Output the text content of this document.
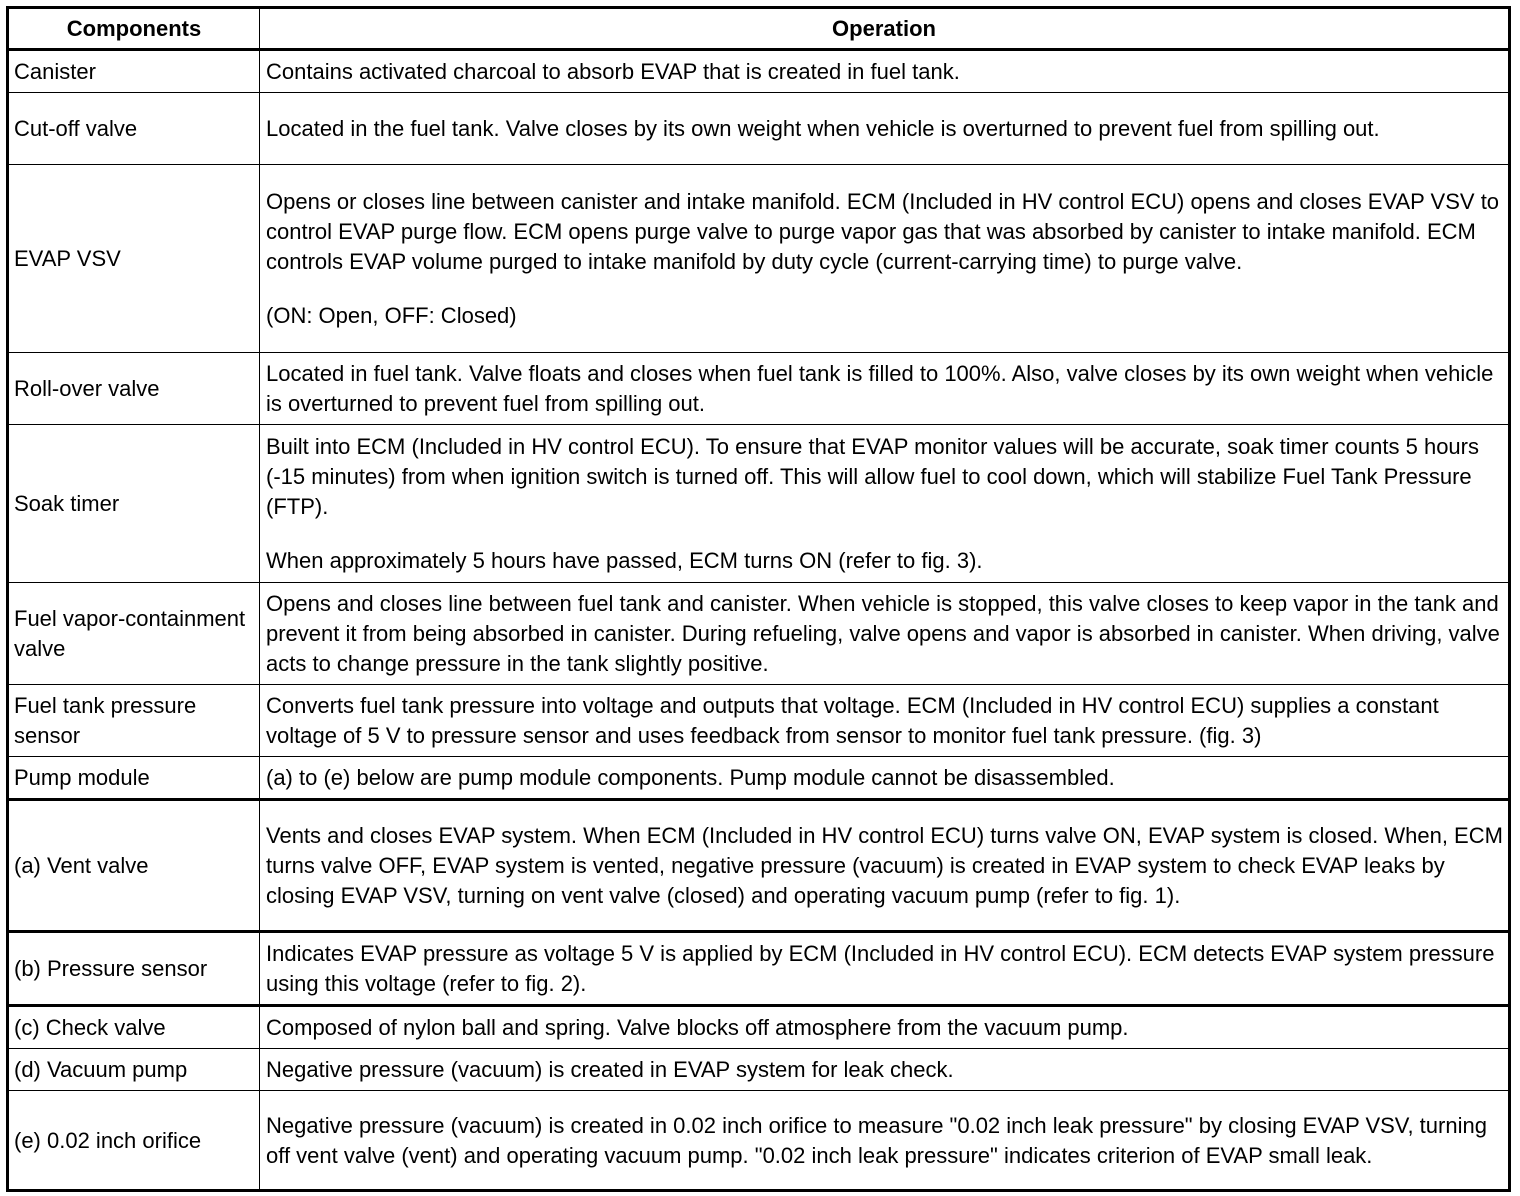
Components	Operation
Canister	Contains activated charcoal to absorb EVAP that is created in fuel tank.

Cut-off valve	Located in the fuel tank. Valve closes by its own weight when vehicle is overturned to prevent fuel from spilling out.

EVAP VSV	Opens or closes line between canister and intake manifold. ECM (Included in HV control ECU) opens and closes EVAP VSV to control EVAP purge flow. ECM opens purge valve to purge vapor gas that was absorbed by canister to intake manifold. ECM controls EVAP volume purged to intake manifold by duty cycle (current-carrying time) to purge valve.
(ON: Open, OFF: Closed)

Roll-over valve	Located in fuel tank. Valve floats and closes when fuel tank is filled to 100%. Also, valve closes by its own weight when vehicle is overturned to prevent fuel from spilling out.

Soak timer	Built into ECM (Included in HV control ECU). To ensure that EVAP monitor values will be accurate, soak timer counts 5 hours (-15 minutes) from when ignition switch is turned off. This will allow fuel to cool down, which will stabilize Fuel Tank Pressure (FTP).
When approximately 5 hours have passed, ECM turns ON (refer to fig. 3).

Fuel vapor-containment valve	Opens and closes line between fuel tank and canister. When vehicle is stopped, this valve closes to keep vapor in the tank and prevent it from being absorbed in canister. During refueling, valve opens and vapor is absorbed in canister. When driving, valve acts to change pressure in the tank slightly positive.

Fuel tank pressure sensor	Converts fuel tank pressure into voltage and outputs that voltage. ECM (Included in HV control ECU) supplies a constant voltage of 5 V to pressure sensor and uses feedback from sensor to monitor fuel tank pressure. (fig. 3)

Pump module	(a) to (e) below are pump module components. Pump module cannot be disassembled.

(a) Vent valve	Vents and closes EVAP system. When ECM (Included in HV control ECU) turns valve ON, EVAP system is closed. When, ECM turns valve OFF, EVAP system is vented, negative pressure (vacuum) is created in EVAP system to check EVAP leaks by closing EVAP VSV, turning on vent valve (closed) and operating vacuum pump (refer to fig. 1).

(b) Pressure sensor	Indicates EVAP pressure as voltage 5 V is applied by ECM (Included in HV control ECU). ECM detects EVAP system pressure using this voltage (refer to fig. 2).

(c) Check valve	Composed of nylon ball and spring. Valve blocks off atmosphere from the vacuum pump.

(d) Vacuum pump	Negative pressure (vacuum) is created in EVAP system for leak check.

(e) 0.02 inch orifice	Negative pressure (vacuum) is created in 0.02 inch orifice to measure "0.02 inch leak pressure" by closing EVAP VSV, turning off vent valve (vent) and operating vacuum pump. "0.02 inch leak pressure" indicates criterion of EVAP small leak.
